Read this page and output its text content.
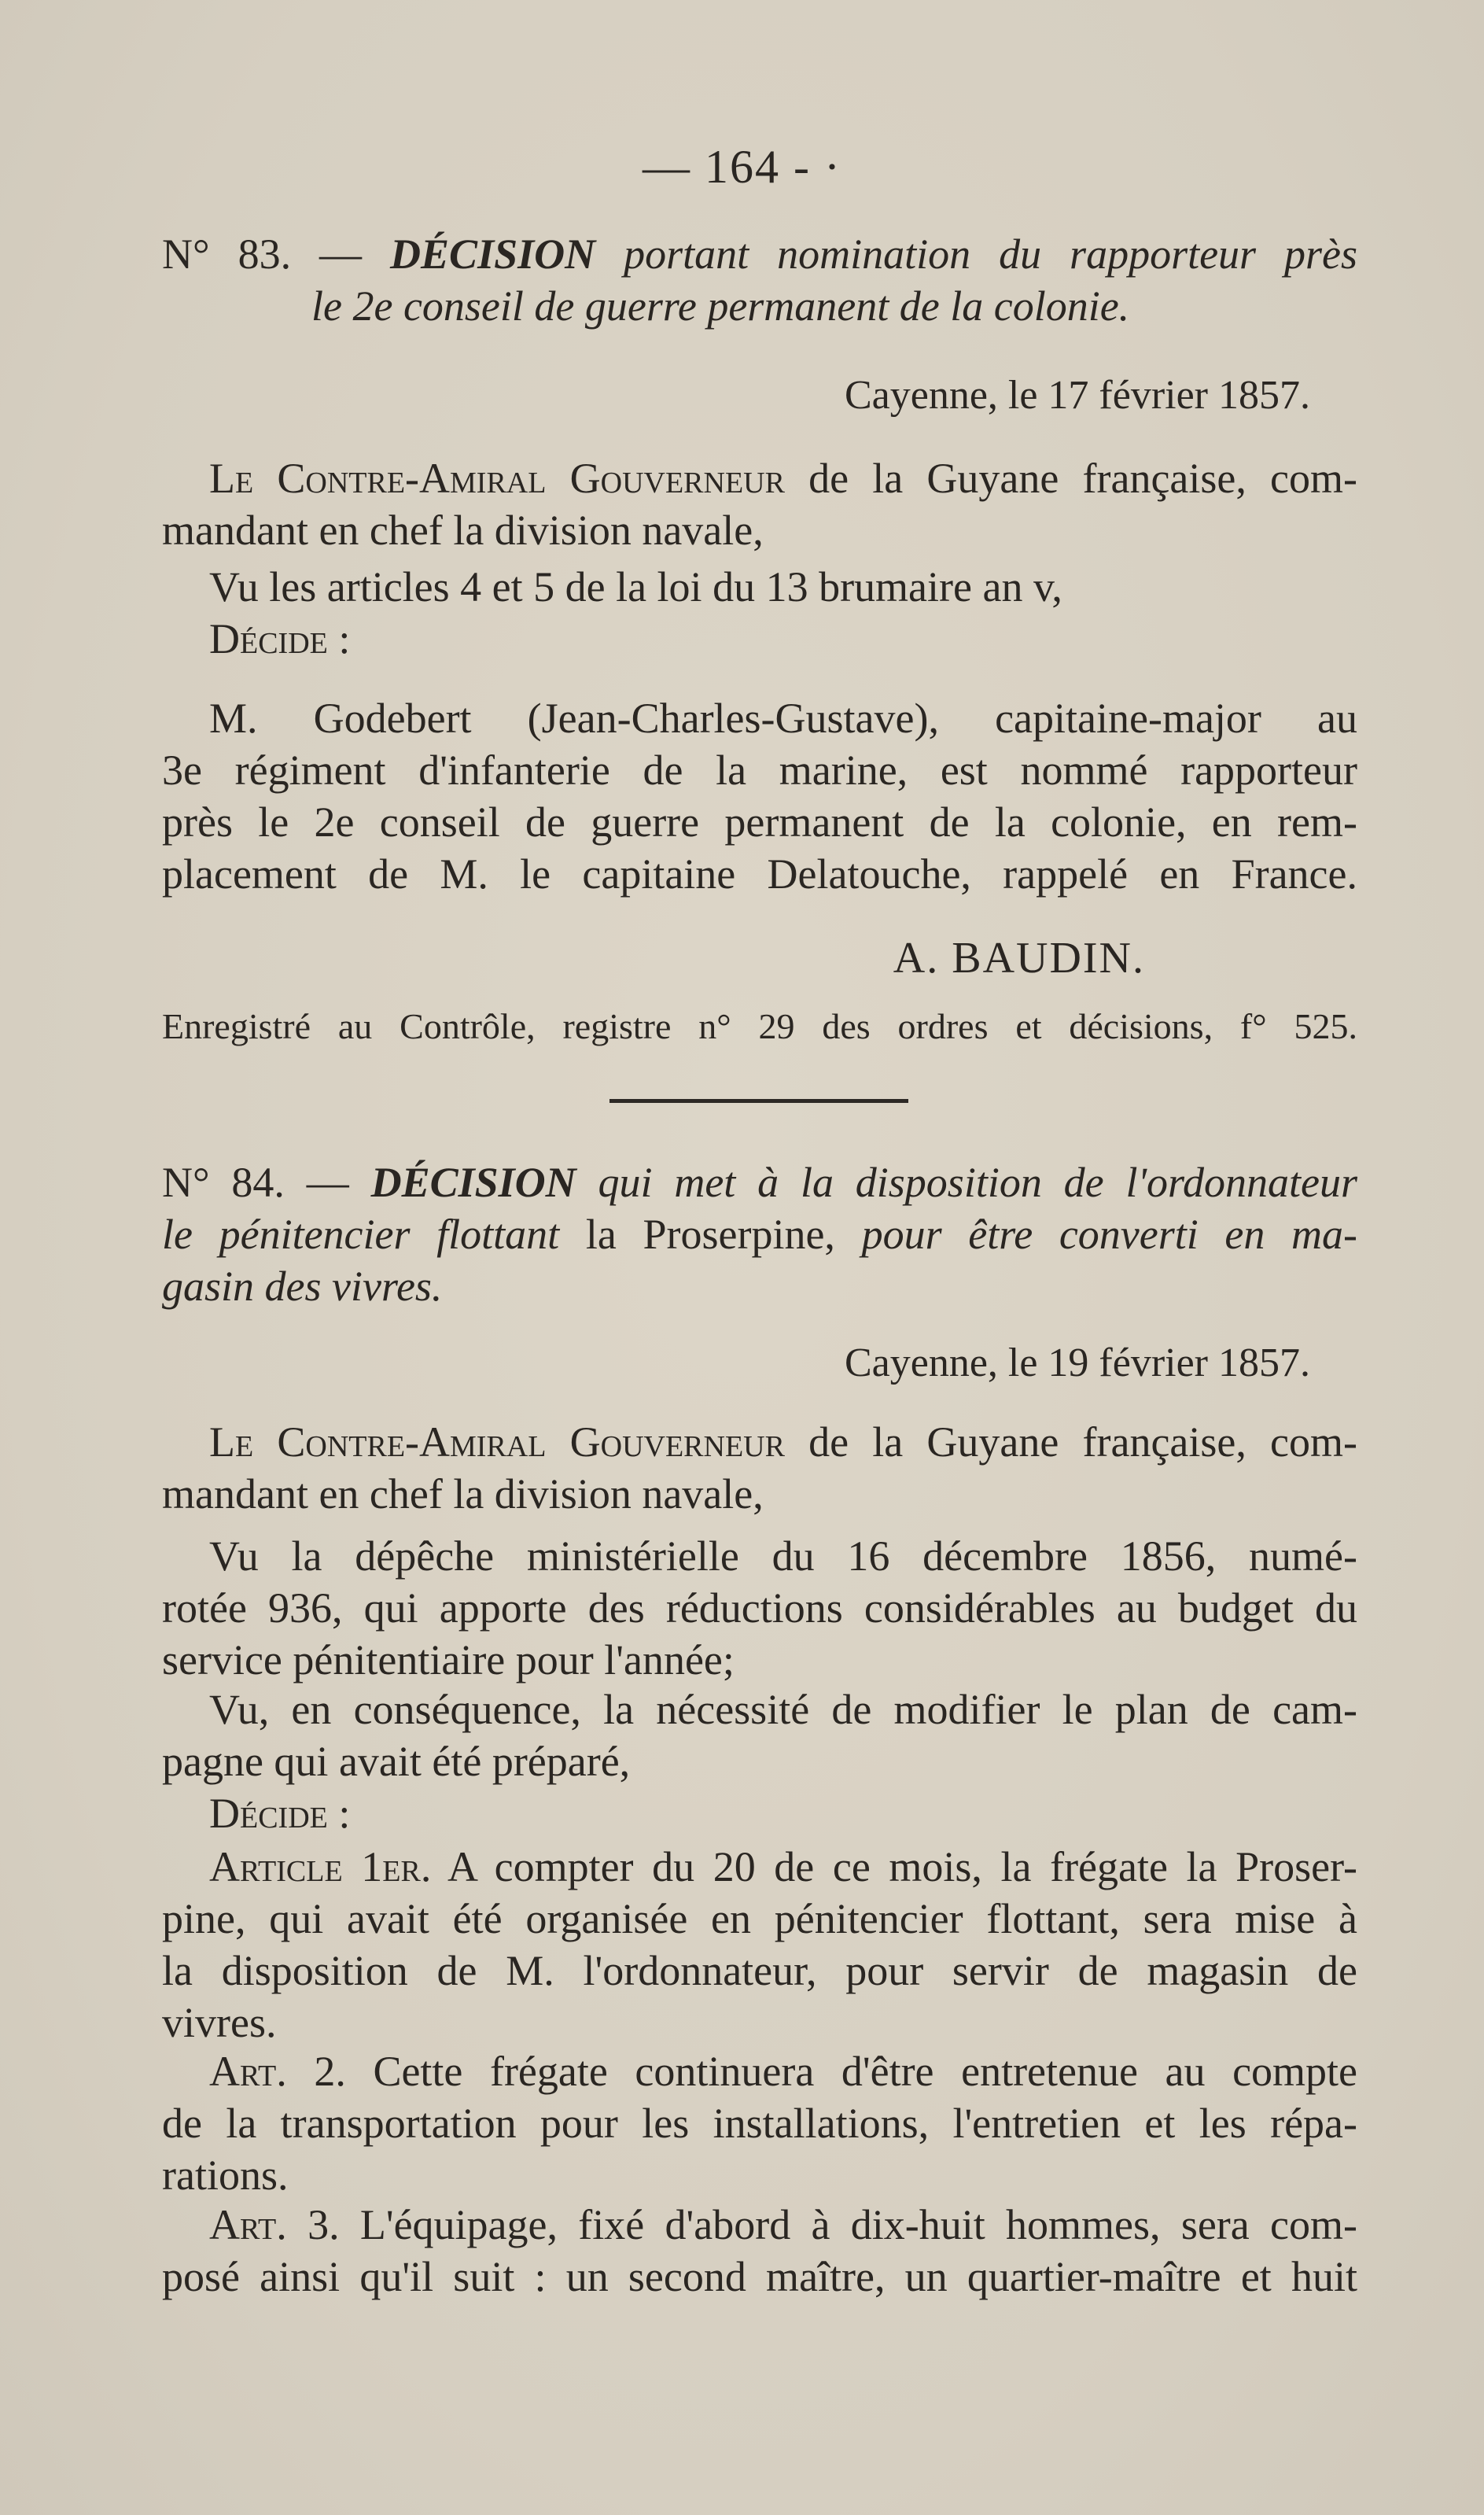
— 164 - ·

N° 83. — DÉCISION portant nomination du rapporteur près

le 2e conseil de guerre permanent de la colonie.

Cayenne, le 17 février 1857.

Le Contre-Amiral Gouverneur de la Guyane française, com-

mandant en chef la division navale,

Vu les articles 4 et 5 de la loi du 13 brumaire an v,

Décide :

M. Godebert (Jean-Charles-Gustave), capitaine-major au

3e régiment d'infanterie de la marine, est nommé rapporteur

près le 2e conseil de guerre permanent de la colonie, en rem-

placement de M. le capitaine Delatouche, rappelé en France.

A. BAUDIN.

Enregistré au Contrôle, registre n° 29 des ordres et décisions, f° 525.

N° 84. — DÉCISION qui met à la disposition de l'ordonnateur

le pénitencier flottant la Proserpine, pour être converti en ma-

gasin des vivres.

Cayenne, le 19 février 1857.

Le Contre-Amiral Gouverneur de la Guyane française, com-

mandant en chef la division navale,

Vu la dépêche ministérielle du 16 décembre 1856, numé-

rotée 936, qui apporte des réductions considérables au budget du

service pénitentiaire pour l'année;

Vu, en conséquence, la nécessité de modifier le plan de cam-

pagne qui avait été préparé,

Décide :

Article 1er. A compter du 20 de ce mois, la frégate la Proser-

pine, qui avait été organisée en pénitencier flottant, sera mise à

la disposition de M. l'ordonnateur, pour servir de magasin de

vivres.

Art. 2. Cette frégate continuera d'être entretenue au compte

de la transportation pour les installations, l'entretien et les répa-

rations.

Art. 3. L'équipage, fixé d'abord à dix-huit hommes, sera com-

posé ainsi qu'il suit : un second maître, un quartier-maître et huit
